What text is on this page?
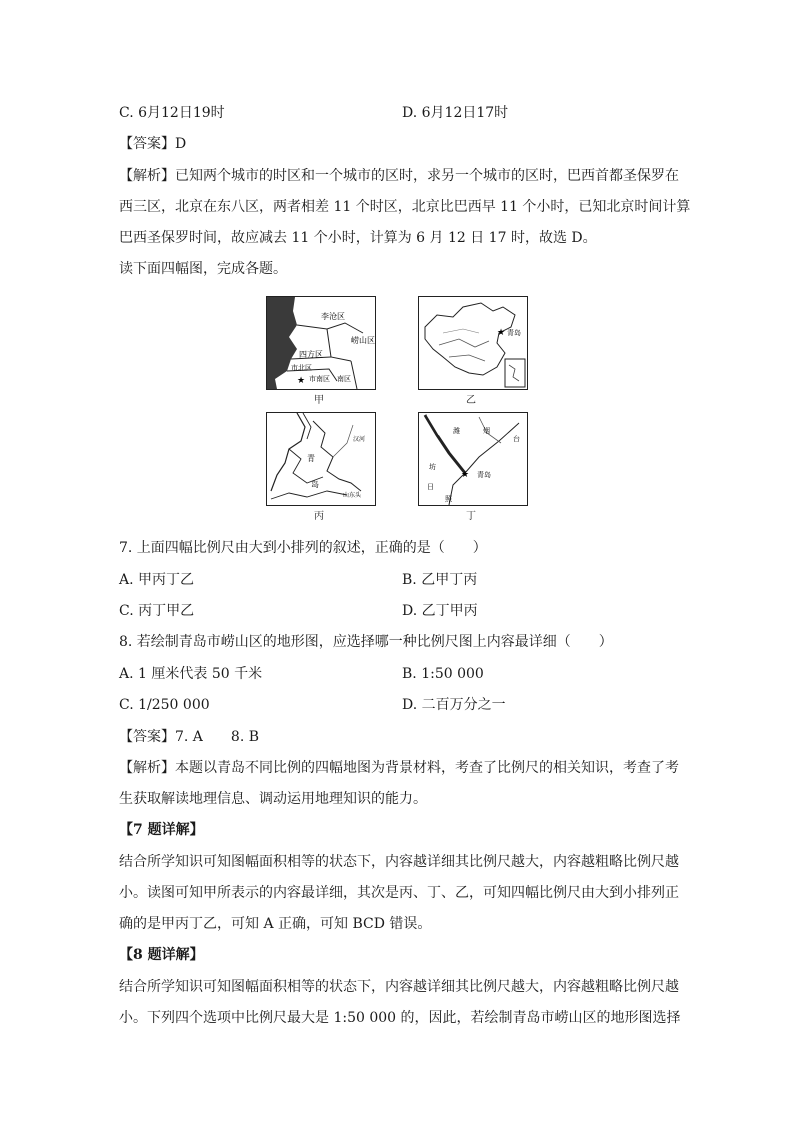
C. 6月12日19时	D. 6月12日17时
【答案】D
【解析】已知两个城市的时区和一个城市的区时，求另一个城市的区时，巴西首都圣保罗在
西三区，北京在东八区，两者相差 11 个时区，北京比巴西早 11 个小时，已知北京时间计算
巴西圣保罗时间，故应减去 11 个小时，计算为 6 月 12 日 17 时，故选 D。
读下面四幅图，完成各题。
李沧区
崂山区
四方区
市北区
市南区 南区
★
甲
★ 青岛
乙
青
岛
汉河
山东头
丙
潍	烟
台
坊
青岛
日
照
★
丁
7. 上面四幅比例尺由大到小排列的叙述，正确的是（　　）
A. 甲丙丁乙	B. 乙甲丁丙
C. 丙丁甲乙	D. 乙丁甲丙
8. 若绘制青岛市崂山区的地形图，应选择哪一种比例尺图上内容最详细（　　）
A. 1 厘米代表 50 千米	B. 1:50 000
C. 1/250 000	D. 二百万分之一
【答案】7. A　　8. B
【解析】本题以青岛不同比例的四幅地图为背景材料，考查了比例尺的相关知识，考查了考
生获取解读地理信息、调动运用地理知识的能力。
【7 题详解】
结合所学知识可知图幅面积相等的状态下，内容越详细其比例尺越大，内容越粗略比例尺越
小。读图可知甲所表示的内容最详细，其次是丙、丁、乙，可知四幅比例尺由大到小排列正
确的是甲丙丁乙，可知 A 正确，可知 BCD 错误。
【8 题详解】
结合所学知识可知图幅面积相等的状态下，内容越详细其比例尺越大，内容越粗略比例尺越
小。下列四个选项中比例尺最大是 1:50 000 的，因此，若绘制青岛市崂山区的地形图选择
